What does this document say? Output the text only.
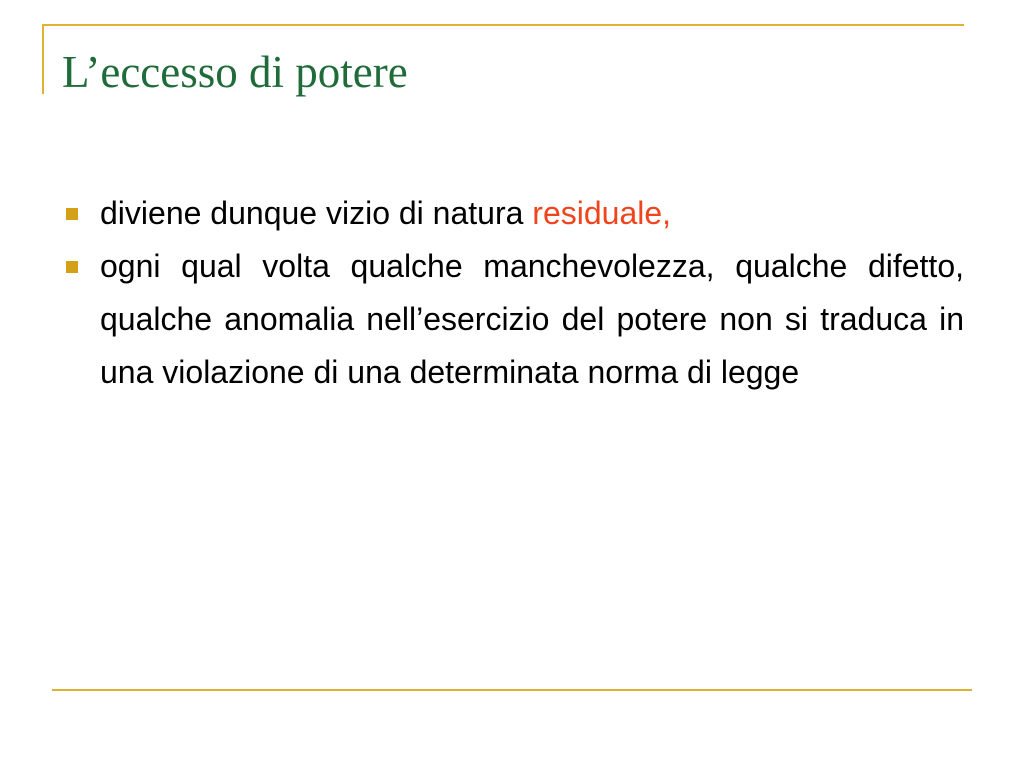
L’eccesso di potere
diviene dunque vizio di natura residuale,
ogni qual volta qualche manchevolezza, qualche difetto, qualche anomalia nell’esercizio del potere non si traduca in una violazione di una determinata norma di legge
